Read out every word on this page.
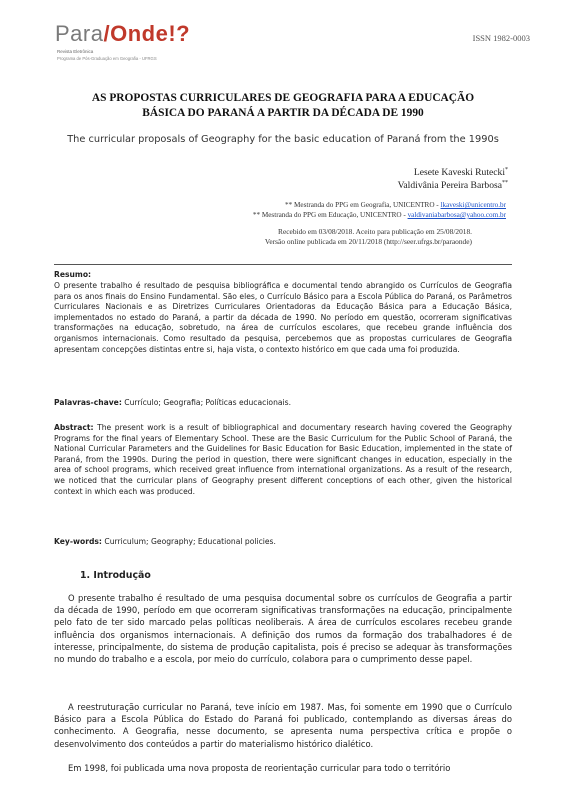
Para/Onde!?
Revista Eletrônica
Programa de Pós-Graduação em Geografia - UFRGS
ISSN 1982-0003
AS PROPOSTAS CURRICULARES DE GEOGRAFIA PARA A EDUCAÇÃO
BÁSICA DO PARANÁ A PARTIR DA DÉCADA DE 1990
The curricular proposals of Geography for the basic education of Paraná from the 1990s
Lesete Kaveski Rutecki*
Valdivânia Pereira Barbosa**
** Mestranda do PPG em Geografia, UNICENTRO - lkaveski@unicentro.br
** Mestranda do PPG em Educação, UNICENTRO - valdivaniabarbosa@yahoo.com.br
Recebido em 03/08/2018. Aceito para publicação em 25/08/2018.
Versão online publicada em 20/11/2018 (http://seer.ufrgs.br/paraonde)
Resumo:
O presente trabalho é resultado de pesquisa bibliográfica e documental tendo abrangido os Currículos de Geografia para os anos finais do Ensino Fundamental. São eles, o Currículo Básico para a Escola Pública do Paraná, os Parâmetros Curriculares Nacionais e as Diretrizes Curriculares Orientadoras da Educação Básica para a Educação Básica, implementados no estado do Paraná, a partir da década de 1990. No período em questão, ocorreram significativas transformações na educação, sobretudo, na área de currículos escolares, que recebeu grande influência dos organismos internacionais. Como resultado da pesquisa, percebemos que as propostas curriculares de Geografia apresentam concepções distintas entre si, haja vista, o contexto histórico em que cada uma foi produzida.
Palavras-chave: Currículo; Geografia; Políticas educacionais.
Abstract: The present work is a result of bibliographical and documentary research having covered the Geography Programs for the final years of Elementary School. These are the Basic Curriculum for the Public School of Paraná, the National Curricular Parameters and the Guidelines for Basic Education for Basic Education, implemented in the state of Paraná, from the 1990s. During the period in question, there were significant changes in education, especially in the area of school programs, which received great influence from international organizations. As a result of the research, we noticed that the curricular plans of Geography present different conceptions of each other, given the historical context in which each was produced.
Key-words: Curriculum; Geography; Educational policies.
1. Introdução
O presente trabalho é resultado de uma pesquisa documental sobre os currículos de Geografia a partir da década de 1990, período em que ocorreram significativas transformações na educação, principalmente pelo fato de ter sido marcado pelas políticas neoliberais. A área de currículos escolares recebeu grande influência dos organismos internacionais. A definição dos rumos da formação dos trabalhadores é de interesse, principalmente, do sistema de produção capitalista, pois é preciso se adequar às transformações no mundo do trabalho e a escola, por meio do currículo, colabora para o cumprimento desse papel.
A reestruturação curricular no Paraná, teve início em 1987. Mas, foi somente em 1990 que o Currículo Básico para a Escola Pública do Estado do Paraná foi publicado, contemplando as diversas áreas do conhecimento. A Geografia, nesse documento, se apresenta numa perspectiva crítica e propõe o desenvolvimento dos conteúdos a partir do materialismo histórico dialético.
Em 1998, foi publicada uma nova proposta de reorientação curricular para todo o território
